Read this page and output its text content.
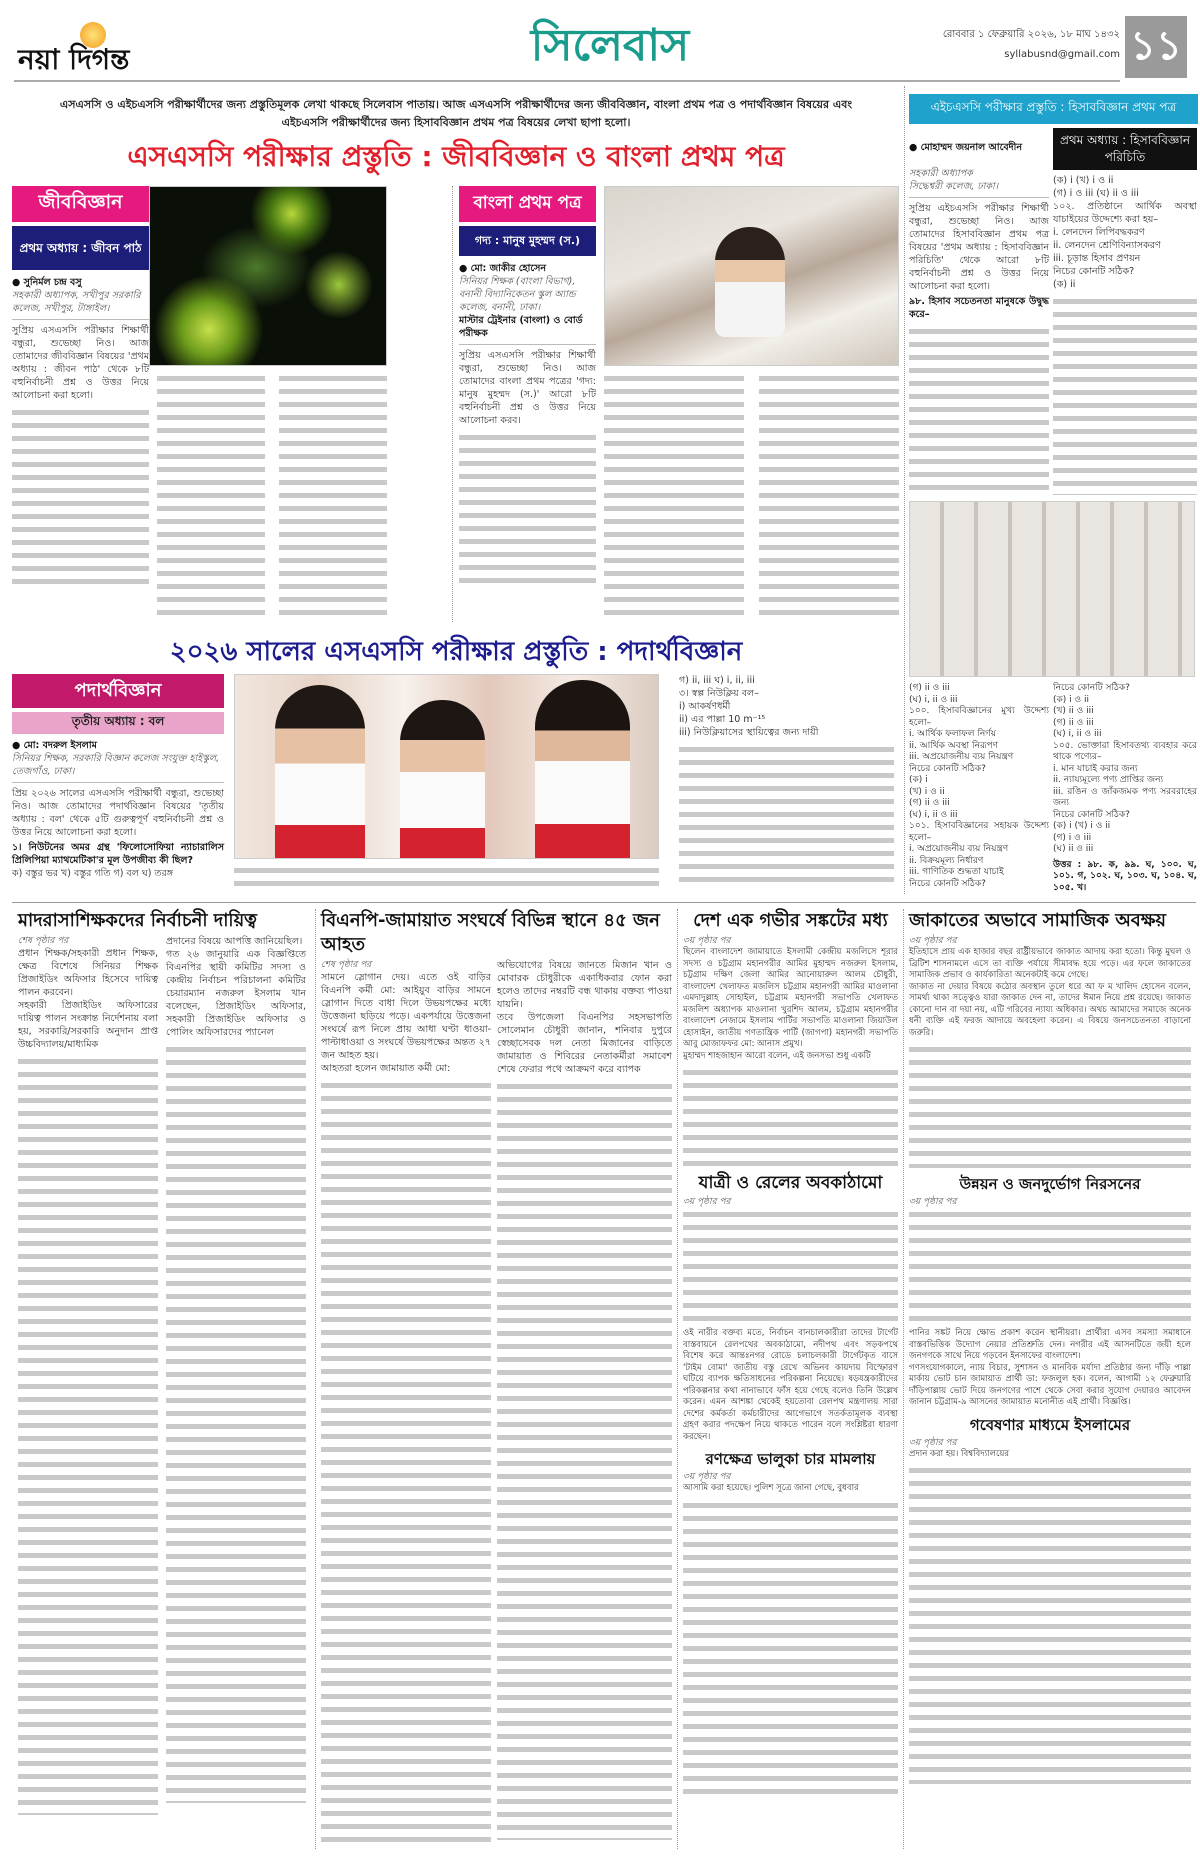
নয়া দিগন্ত	সিলেবাস	রোববার ১ ফেব্রুয়ারি ২০২৬, ১৮ মাঘ ১৪৩২
syllabusnd@gmail.com ১১
এসএসসি ও এইচএসসি পরীক্ষার্থীদের জন্য প্রস্তুতিমূলক লেখা থাকছে সিলেবাস পাতায়। আজ এসএসসি পরীক্ষার্থীদের জন্য জীববিজ্ঞান, বাংলা প্রথম পত্র ও পদার্থবিজ্ঞান বিষয়ের এবং এইচএসসি পরীক্ষার্থীদের জন্য হিসাববিজ্ঞান প্রথম পত্র বিষয়ের লেখা ছাপা হলো।
এসএসসি পরীক্ষার প্রস্তুতি : জীববিজ্ঞান ও বাংলা প্রথম পত্র
জীববিজ্ঞান
প্রথম অধ্যায় : জীবন পাঠ
● সুনির্মল চন্দ্র বসু
সহকারী অধ্যাপক, সখীপুর সরকারি কলেজ, সখীপুর, টাঙ্গাইল।
সুপ্রিয় এসএসসি পরীক্ষার শিক্ষার্থী বন্ধুরা, শুভেচ্ছা নিও। আজ তোমাদের জীববিজ্ঞান বিষয়ের 'প্রথম অধ্যায় : জীবন পাঠ' থেকে ৮টি বহুনির্বাচনী প্রশ্ন ও উত্তর নিয়ে আলোচনা করা হলো।
বাংলা প্রথম পত্র
গদ্য : মানুষ মুহম্মদ (স.)
● মো: জাকীর হোসেন
সিনিয়র শিক্ষক (বাংলা বিভাগ), বনানী বিদ্যানিকেতন স্কুল অ্যান্ড কলেজ, বনানী, ঢাকা।
মাস্টার ট্রেইনার (বাংলা) ও বোর্ড পরীক্ষক
সুপ্রিয় এসএসসি পরীক্ষার শিক্ষার্থী বন্ধুরা, শুভেচ্ছা নিও। আজ তোমাদের বাংলা প্রথম পত্রের 'গদ্য: মানুষ মুহম্মদ (স.)' আরো ৮টি বহুনির্বাচনী প্রশ্ন ও উত্তর নিয়ে আলোচনা করব।
২০২৬ সালের এসএসসি পরীক্ষার প্রস্তুতি : পদার্থবিজ্ঞান
পদার্থবিজ্ঞান
তৃতীয় অধ্যায় : বল
● মো: বদরুল ইসলাম
সিনিয়র শিক্ষক, সরকারি বিজ্ঞান কলেজ সংযুক্ত হাইস্কুল, তেজগাঁও, ঢাকা।
প্রিয় ২০২৬ সালের এসএসসি পরীক্ষার্থী বন্ধুরা, শুভেচ্ছা নিও। আজ তোমাদের পদার্থবিজ্ঞান বিষয়ের 'তৃতীয় অধ্যায় : বল' থেকে ৫টি গুরুত্বপূর্ণ বহুনির্বাচনী প্রশ্ন ও উত্তর নিয়ে আলোচনা করা হলো।
১। নিউটনের অমর গ্রন্থ 'ফিলোসোফিয়া ন্যাচারালিস প্রিলিপিয়া ম্যাথমেটিকা'র মূল উপজীব্য কী ছিল?
ক) বস্তুর ভর খ) বস্তুর গতি গ) বল ঘ) তরঙ্গ
গ) ii, iii ঘ) i, ii, iii
৩। স্বল্প নিউক্লিয় বল–
i) আকর্ষণধর্মী
ii) এর পাল্লা 10 m⁻¹⁵
iii) নিউক্লিয়াসের স্থায়িত্বের জন্য দায়ী
এইচএসসি পরীক্ষার প্রস্তুতি : হিসাববিজ্ঞান প্রথম পত্র

● মোহাম্মদ জয়নাল আবেদীন

সহকারী অধ্যাপক
সিদ্ধেশ্বরী কলেজ, ঢাকা।

সুপ্রিয় এইচএসসি পরীক্ষার শিক্ষার্থী বন্ধুরা, শুভেচ্ছা নিও। আজ তোমাদের হিসাববিজ্ঞান প্রথম পত্র বিষয়ের 'প্রথম অধ্যায় : হিসাববিজ্ঞান পরিচিতি' থেকে আরো ৮টি বহুনির্বাচনী প্রশ্ন ও উত্তর নিয়ে আলোচনা করা হলো।
৯৮. হিসাব সচেতনতা মানুষকে উদ্বুদ্ধ করে–
প্রথম অধ্যায় : হিসাববিজ্ঞান পরিচিতি
(ক) i (খ) i ও ii
(গ) i ও iii (ঘ) ii ও iii
১০২. প্রতিষ্ঠানে আর্থিক অবস্থা যাচাইয়ের উদ্দেশ্যে করা হয়–
i. লেনদেন লিপিবদ্ধকরণ
ii. লেনদেন শ্রেণিবিন্যাসকরণ
iii. চূড়ান্ত হিসাব প্রণয়ন
নিচের কোনটি সঠিক?
(ক) ii
(গ) ii ও iii
(ঘ) i, ii ও iii
১০০. হিসাববিজ্ঞানের মুখ্য উদ্দেশ্য হলো–
i. আর্থিক ফলাফল নির্ণয়
ii. আর্থিক অবস্থা নিরূপণ
iii. অপ্রয়োজনীয় ব্যয় নিয়ন্ত্রণ
নিচের কোনটি সঠিক?
(ক) i
(খ) i ও ii
(গ) ii ও iii
(ঘ) i, ii ও iii
১০১. হিসাববিজ্ঞানের সহায়ক উদ্দেশ্য হলো–
i. অপ্রয়োজনীয় ব্যয় নিয়ন্ত্রণ
ii. বিক্রয়মূল্য নির্ধারণ
iii. গাণিতিক শুদ্ধতা যাচাই
নিচের কোনটি সঠিক?
নিচের কোনটি সঠিক?
(ক) i ও ii
(খ) ii ও iii
(গ) ii ও iii
(ঘ) i, ii ও iii
১০৫. ভোক্তারা হিসাবতথ্য ব্যবহার করে থাকে পণ্যের–
i. মান যাচাই করার জন্য
ii. ন্যায্যমূল্যে পণ্য প্রাপ্তির জন্য
iii. রঙিন ও জাঁকজমক পণ্য সরবরাহের জন্য
নিচের কোনটি সঠিক?
(ক) i (খ) i ও ii
(গ) i ও iii
(ঘ) ii ও iii
উত্তর : ৯৮. ক, ৯৯. ঘ, ১০০. ঘ, ১০১. গ, ১০২. ঘ, ১০৩. ঘ, ১০৪. ঘ, ১০৫. খ।
মাদরাসাশিক্ষকদের নির্বাচনী দায়িত্ব
শেষ পৃষ্ঠার পর
প্রধান শিক্ষক/সহকারী প্রধান শিক্ষক, ক্ষেত্র বিশেষে সিনিয়র শিক্ষক প্রিজাইডিং অফিসার হিসেবে দায়িত্ব পালন করবেন।
সহকারী প্রিজাইডিং অফিসারের দায়িত্ব পালন সংক্রান্ত নির্দেশনায় বলা হয়, সরকারি/সরকারি অনুদান প্রাপ্ত উচ্চবিদ্যালয়/মাধ্যমিক
প্রদানের বিষয়ে আপত্তি জানিয়েছিল।
গত ২৬ জানুয়ারি এক বিজ্ঞপ্তিতে বিএনপির স্থায়ী কমিটির সদস্য ও কেন্দ্রীয় নির্বাচন পরিচালনা কমিটির চেয়ারম্যান নজরুল ইসলাম খান বলেছেন, প্রিজাইডিং অফিসার, সহকারী প্রিজাইডিং অফিসার ও পোলিং অফিসারদের প্যানেল
বিএনপি-জামায়াত সংঘর্ষে বিভিন্ন স্থানে ৪৫ জন আহত
শেষ পৃষ্ঠার পর
সামনে স্লোগান দেয়। এতে ওই বাড়ির বিএনপি কর্মী মো: আইয়ুব বাড়ির সামনে স্লোগান দিতে বাধা দিলে উভয়পক্ষের মধ্যে উত্তেজনা ছড়িয়ে পড়ে। একপর্যায়ে উত্তেজনা সংঘর্ষে রূপ নিলে প্রায় আধা ঘণ্টা ধাওয়া-পাল্টাধাওয়া ও সংঘর্ষে উভয়পক্ষের অন্তত ২৭ জন আহত হয়।
আহতরা হলেন জামায়াত কর্মী মো:
অভিযোগের বিষয়ে জানতে মিজান খান ও মোবারক চৌধুরীকে একাধিকবার ফোন করা হলেও তাদের নম্বরটি বন্ধ থাকায় বক্তব্য পাওয়া যায়নি।
তবে উপজেলা বিএনপির সহসভাপতি সোলেমান চৌধুরী জানান, শনিবার দুপুরে স্বেচ্ছাসেবক দল নেতা মিজানের বাড়িতে জামায়াত ও শিবিরের নেতাকর্মীরা সমাবেশ শেষে ফেরার পথে আক্রমণ করে ব্যাপক
দেশ এক গভীর সঙ্কটের মধ্য
৩য় পৃষ্ঠার পর
ছিলেন বাংলাদেশ জামায়াতে ইসলামী কেন্দ্রীয় মজলিসে শূরার সদস্য ও চট্টগ্রাম মহানগরীর আমির মুহাম্মদ নজরুল ইসলাম, চট্টগ্রাম দক্ষিণ জেলা আমির আনোয়ারুল আলম চৌধুরী, বাংলাদেশ খেলাফত মজলিস চট্টগ্রাম মহানগরী আমির মাওলানা এমদাদুল্লাহ সোহাইল, চট্টগ্রাম মহানগরী সভাপতি খেলাফত মজলিশ অধ্যাপক মাওলানা খুরশিদ আলম, চট্টগ্রাম মহানগরীর বাংলাদেশ নেজামে ইসলাম পার্টির সভাপতি মাওলানা জিয়াউল হোসাইন, জাতীয় গণতান্ত্রিক পার্টি (জাগপা) মহানগরী সভাপতি আবু মোজাফফর মো: আনাস প্রমুখ।
মুহাম্মদ শাহজাহান আরো বলেন, এই জনসভা শুধু একটি
যাত্রী ও রেলের অবকাঠামো
৩য় পৃষ্ঠার পর
ওই নারীর বক্তব্য মতে, নির্বাচন বানচালকারীরা তাদের টার্গেট বাস্তবায়নে রেলপথের অবকাঠামো, নদীপথ এবং সড়কপথে বিশেষ করে আন্তঃনগর রোডে চলাচলকারী টার্গেটকৃত বাসে 'টাইম বোমা' জাতীয় বস্তু রেখে অভিনব কায়দায় বিস্ফোরণ ঘটিয়ে ব্যাপক ক্ষতিসাধনের পরিকল্পনা নিয়েছে। ষড়যন্ত্রকারীদের পরিকল্পনার কথা নানাভাবে ফাঁস হয়ে গেছে বলেও তিনি উল্লেখ করেন। এমন আশঙ্কা থেকেই হয়তোবা রেলপথ মন্ত্রণালয় সারা দেশের কর্মকর্তা কর্মচারীদের আগেভাগে সতর্কতামূলক ব্যবস্থা গ্রহণ করার পদক্ষেপ নিয়ে থাকতে পারেন বলে সংশ্লিষ্টরা ধারণা করছেন।
রণক্ষেত্র ভালুকা চার মামলায়
৩য় পৃষ্ঠার পর
আসামি করা হয়েছে। পুলিশ সূত্রে জানা গেছে, বুধবার
জাকাতের অভাবে সামাজিক অবক্ষয়
৩য় পৃষ্ঠার পর
ইতিহাসে প্রায় এক হাজার বছর রাষ্ট্রীয়ভাবে জাকাত আদায় করা হতো। কিন্তু মুঘল ও ব্রিটিশ শাসনামলে এসে তা ব্যক্তি পর্যায়ে সীমাবদ্ধ হয়ে পড়ে। এর ফলে জাকাতের সামাজিক প্রভাব ও কার্যকারিতা অনেকটাই কমে গেছে।
জাকাত না দেয়ার বিষয়ে কঠোর অবস্থান তুলে ধরে আ ফ ম খালিদ হোসেন বলেন, সামর্থ্য থাকা সত্ত্বেও যারা জাকাত দেন না, তাদের ঈমান নিয়ে প্রশ্ন রয়েছে। জাকাত কোনো দান বা দয়া নয়, এটি গরিবের ন্যায্য অধিকার। অথচ আমাদের সমাজে অনেক ধনী ব্যক্তি এই ফরজ আদায়ে অবহেলা করেন। এ বিষয়ে জনসচেতনতা বাড়ানো জরুরি।
উন্নয়ন ও জনদুর্ভোগ নিরসনের
৩য় পৃষ্ঠার পর
পানির সঙ্কট নিয়ে ক্ষোভ প্রকাশ করেন স্থানীয়রা। প্রার্থীরা এসব সমস্যা সমাধানে বাস্তবভিত্তিক উদ্যোগ নেয়ার প্রতিশ্রুতি দেন। নগরীর এই আসনটিতে জয়ী হলে জনগণকে সাথে নিয়ে গড়বেন ইনসাফের বাংলাদেশ।
গণসংযোগকালে, ন্যায় বিচার, সুশাসন ও মানবিক মর্যাদা প্রতিষ্ঠার জন্য দাঁড়ি পাল্লা মার্কায় ভোট চান জামায়াত প্রার্থী ডা: ফজলুল হক। বলেন, আগামী ১২ ফেব্রুয়ারি দাঁড়িপাল্লায় ভোট দিয়ে জনগণের পাশে থেকে সেবা করার সুযোগ দেয়ারও আবেদন জানান চট্টগ্রাম-৯ আসনের জামায়াত মনোনীত এই প্রার্থী। বিজ্ঞপ্তি।
গবেষণার মাধ্যমে ইসলামের
৩য় পৃষ্ঠার পর
প্রদান করা হয়। বিশ্ববিদ্যালয়ের
